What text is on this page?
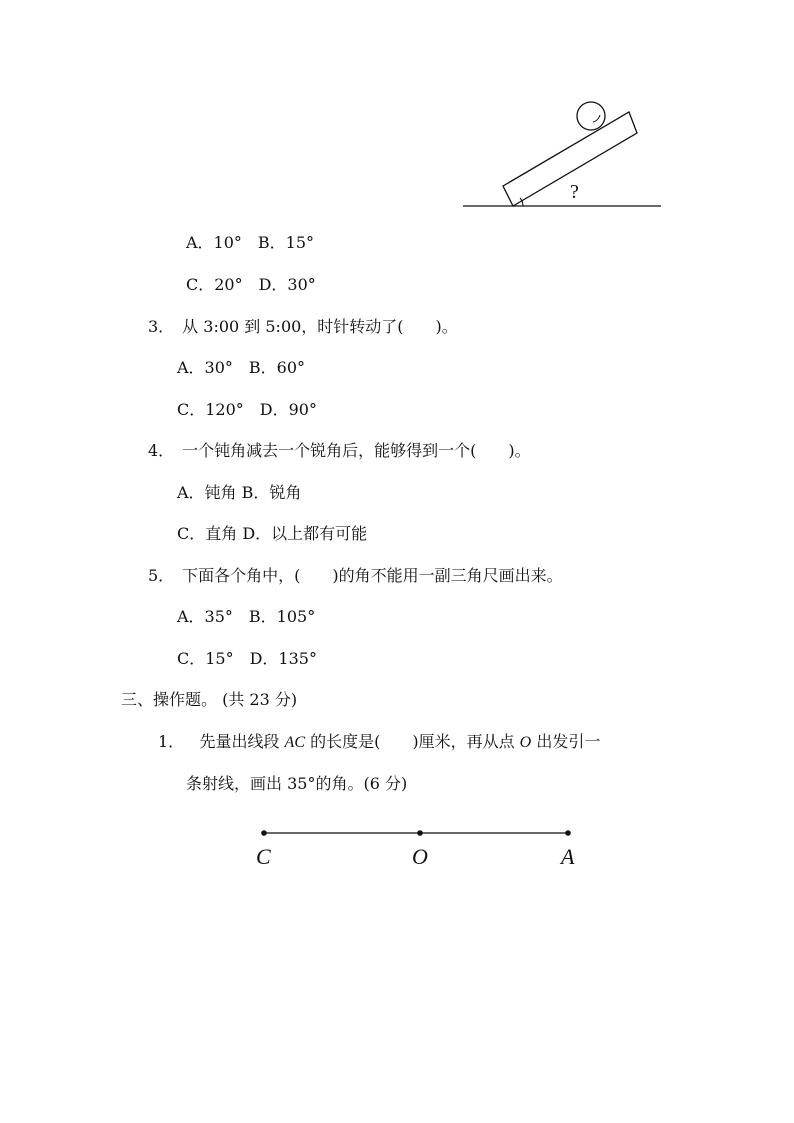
?
A．10°　B．15°
C．20°　D．30°
3．　从 3:00 到 5:00，时针转动了(　　)。
A．30°　B．60°
C．120°　D．90°
4．　一个钝角减去一个锐角后，能够得到一个(　　)。
A．钝角 B．锐角
C．直角 D．以上都有可能
5．　下面各个角中，(　　)的角不能用一副三角尺画出来。
A．35°　B．105°
C．15°　D．135°
三、操作题。 (共 23 分)
1． 先量出线段 AC 的长度是(　　)厘米，再从点 O 出发引一
条射线，画出 35°的角。(6 分)
C	O	A
